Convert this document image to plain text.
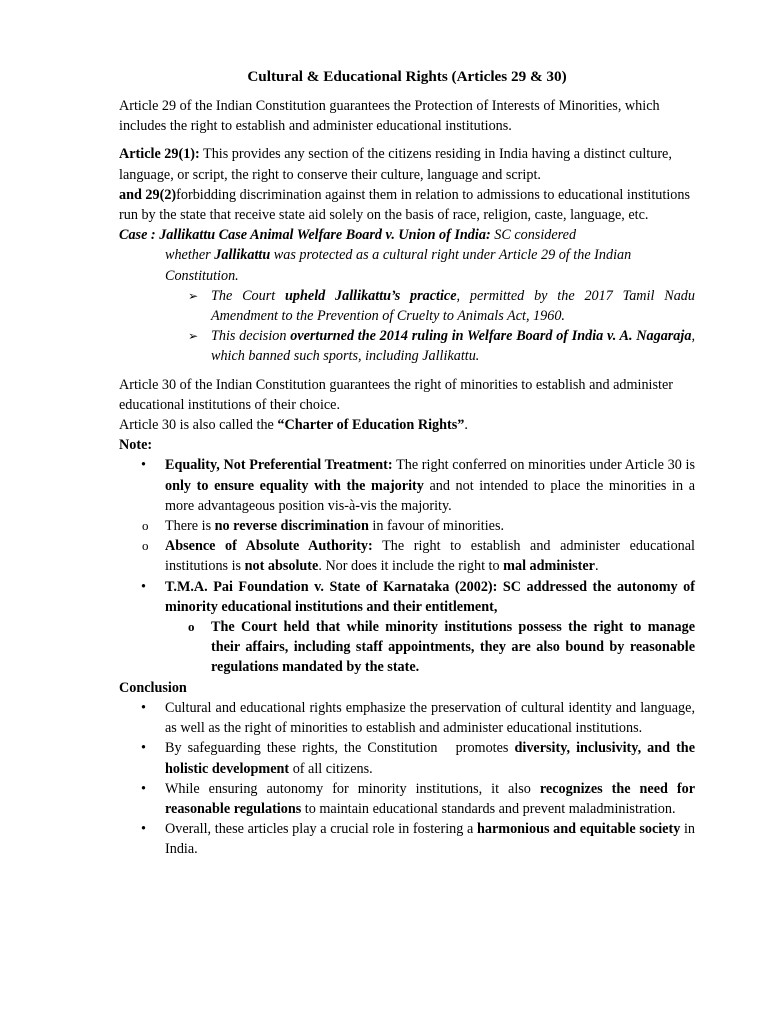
Cultural & Educational Rights (Articles 29 & 30)

Article 29 of the Indian Constitution guarantees the Protection of Interests of Minorities, which includes the right to establish and administer educational institutions.

Article 29(1): This provides any section of the citizens residing in India having a distinct culture, language, or script, the right to conserve their culture, language and script.

and 29(2)forbidding discrimination against them in relation to admissions to educational institutions run by the state that receive state aid solely on the basis of race, religion, caste, language, etc.

Case : Jallikattu Case Animal Welfare Board v. Union of India: SC considered

whether Jallikattu was protected as a cultural right under Article 29 of the Indian Constitution.

➢ The Court upheld Jallikattu’s practice, permitted by the 2017 Tamil Nadu Amendment to the Prevention of Cruelty to Animals Act, 1960.
➢ This decision overturned the 2014 ruling in Welfare Board of India v. A. Nagaraja, which banned such sports, including Jallikattu.

Article 30 of the Indian Constitution guarantees the right of minorities to establish and administer educational institutions of their choice.

Article 30 is also called the “Charter of Education Rights”.

Note:

• Equality, Not Preferential Treatment: The right conferred on minorities under Article 30 is only to ensure equality with the majority and not intended to place the minorities in a more advantageous position vis-à-vis the majority.
o There is no reverse discrimination in favour of minorities.
o Absence of Absolute Authority: The right to establish and administer educational institutions is not absolute. Nor does it include the right to mal administer.
• T.M.A. Pai Foundation v. State of Karnataka (2002): SC addressed the autonomy of minority educational institutions and their entitlement,
o The Court held that while minority institutions possess the right to manage their affairs, including staff appointments, they are also bound by reasonable regulations mandated by the state.

Conclusion

• Cultural and educational rights emphasize the preservation of cultural identity and language, as well as the right of minorities to establish and administer educational institutions.
• By safeguarding these rights, the Constitution   promotes diversity, inclusivity, and the holistic development of all citizens.
• While ensuring autonomy for minority institutions, it also recognizes the need for reasonable regulations to maintain educational standards and prevent maladministration.
• Overall, these articles play a crucial role in fostering a harmonious and equitable society in India.
